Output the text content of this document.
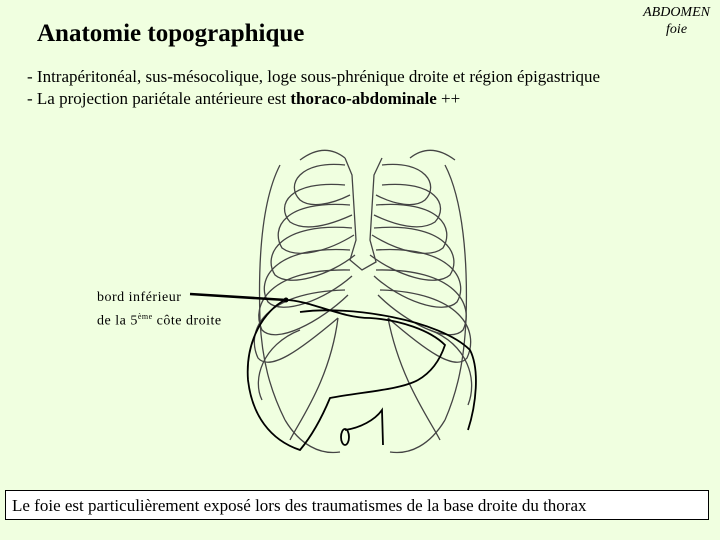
Anatomie topographique
ABDOMEN
foie
- Intrapéritonéal, sus-mésocolique, loge sous-phrénique droite et région épigastrique
- La projection pariétale antérieure est thoraco-abdominale ++
bord inférieur
de la 5ème côte droite
Le foie est particulièrement exposé lors des traumatismes de la base droite du thorax
